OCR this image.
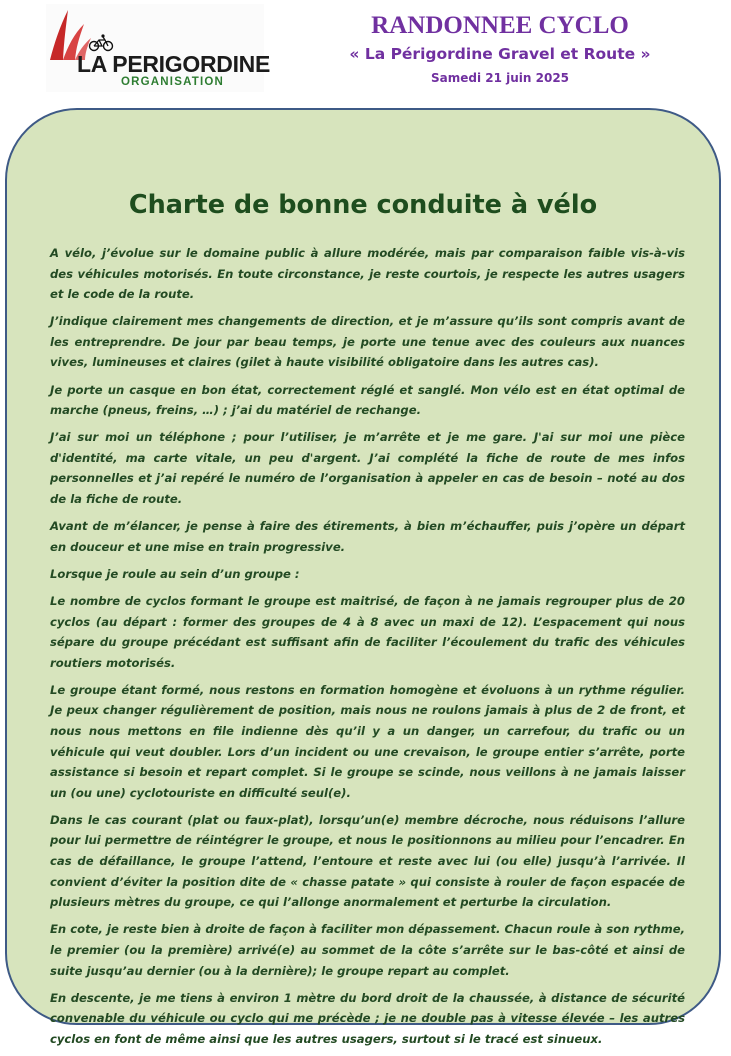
LA PERIGORDINE
ORGANISATION
RANDONNEE CYCLO
« La Périgordine Gravel et Route »
Samedi 21 juin 2025
Charte de bonne conduite à vélo

A vélo, j’évolue sur le domaine public à allure modérée, mais par comparaison faible vis-à-vis des véhicules motorisés. En toute circonstance, je reste courtois, je respecte les autres usagers et le code de la route.

J’indique clairement mes changements de direction, et je m’assure qu’ils sont compris avant de les entreprendre. De jour par beau temps, je porte une tenue avec des couleurs aux nuances vives, lumineuses et claires (gilet à haute visibilité obligatoire dans les autres cas).

Je porte un casque en bon état, correctement réglé et sanglé. Mon vélo est en état optimal de marche (pneus, freins, …) ; j’ai du matériel de rechange.

J’ai sur moi un téléphone ; pour l’utiliser, je m’arrête et je me gare. J'ai sur moi une pièce d'identité, ma carte vitale, un peu d'argent. J’ai complété la fiche de route de mes infos personnelles et j’ai repéré le numéro de l’organisation à appeler en cas de besoin – noté au dos de la fiche de route.

Avant de m’élancer, je pense à faire des étirements, à bien m’échauffer, puis j’opère un départ en douceur et une mise en train progressive.

Lorsque je roule au sein d’un groupe :

Le nombre de cyclos formant le groupe est maitrisé, de façon à ne jamais regrouper plus de 20 cyclos (au départ : former des groupes de 4 à 8 avec un maxi de 12). L’espacement qui nous sépare du groupe précédant est suffisant afin de faciliter l’écoulement du trafic des véhicules routiers motorisés.

Le groupe étant formé, nous restons en formation homogène et évoluons à un rythme régulier. Je peux changer régulièrement de position, mais nous ne roulons jamais à plus de 2 de front, et nous nous mettons en file indienne dès qu’il y a un danger, un carrefour, du trafic ou un véhicule qui veut doubler. Lors d’un incident ou une crevaison, le groupe entier s’arrête, porte assistance si besoin et repart complet. Si le groupe se scinde, nous veillons à ne jamais laisser un (ou une) cyclotouriste en difficulté seul(e).

Dans le cas courant (plat ou faux-plat), lorsqu’un(e) membre décroche, nous réduisons l’allure pour lui permettre de réintégrer le groupe, et nous le positionnons au milieu pour l’encadrer. En cas de défaillance, le groupe l’attend, l’entoure et reste avec lui (ou elle) jusqu’à l’arrivée. Il convient d’éviter la position dite de « chasse patate » qui consiste à rouler de façon espacée de plusieurs mètres du groupe, ce qui l’allonge anormalement et perturbe la circulation.

En cote, je reste bien à droite de façon à faciliter mon dépassement. Chacun roule à son rythme, le premier (ou la première) arrivé(e) au sommet de la côte s’arrête sur le bas-côté et ainsi de suite jusqu’au dernier (ou à la dernière); le groupe repart au complet.

En descente, je me tiens à environ 1 mètre du bord droit de la chaussée, à distance de sécurité convenable du véhicule ou cyclo qui me précède ; je ne double pas à vitesse élevée – les autres cyclos en font de même ainsi que les autres usagers, surtout si le tracé est sinueux.
